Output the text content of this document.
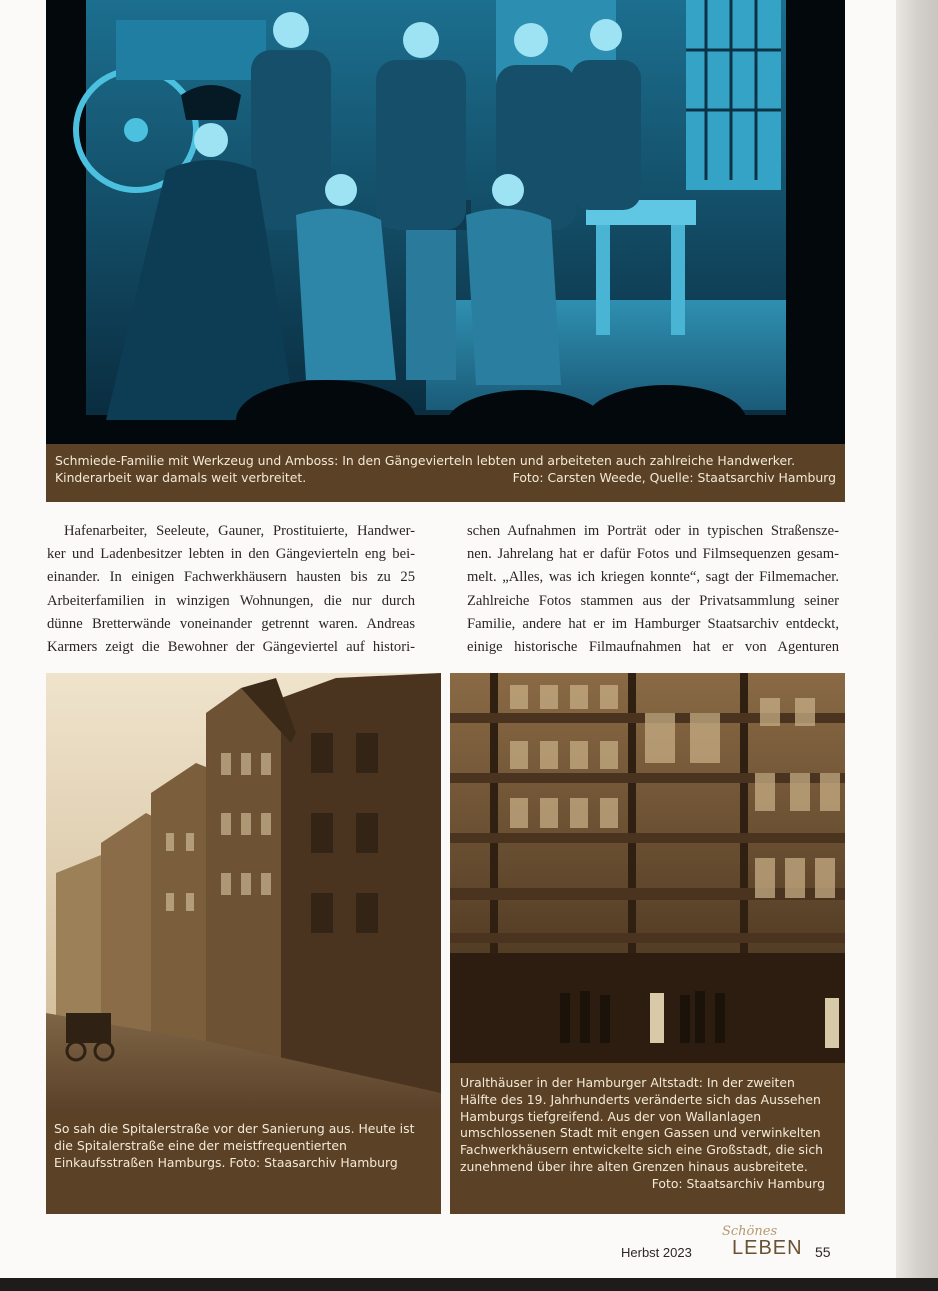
Schmiede-Familie mit Werkzeug und Amboss: In den Gängevierteln lebten und arbeiteten auch zahlreiche Handwerker. Kinderarbeit war damals weit verbreitet.	Foto: Carsten Weede, Quelle: Staatsarchiv Hamburg

Hafenarbeiter, Seeleute, Gauner, Prostituierte, Handwer-

ker und Ladenbesitzer lebten in den Gängevierteln eng bei-

einander. In einigen Fachwerkhäusern hausten bis zu 25

Arbeiterfamilien in winzigen Wohnungen, die nur durch

dünne Bretterwände voneinander getrennt waren. Andreas

Karmers zeigt die Bewohner der Gängeviertel auf histori-

schen Aufnahmen im Porträt oder in typischen Straßensze-

nen. Jahrelang hat er dafür Fotos und Filmsequenzen gesam-

melt. „Alles, was ich kriegen konnte“, sagt der Filmemacher.

Zahlreiche Fotos stammen aus der Privatsammlung seiner

Familie, andere hat er im Hamburger Staatsarchiv entdeckt,

einige historische Filmaufnahmen hat er von Agenturen

So sah die Spitalerstraße vor der Sanierung aus. Heute ist die Spitalerstraße eine der meistfrequentierten Einkaufsstraßen Hamburgs. Foto: Staasarchiv Hamburg

Uralthäuser in der Hamburger Altstadt: In der zweiten Hälfte des 19. Jahrhunderts veränderte sich das Aussehen Hamburgs tiefgreifend. Aus der von Wallanlagen umschlossenen Stadt mit engen Gassen und verwinkelten Fachwerkhäusern entwickelte sich eine Großstadt, die sich zunehmend über ihre alten Grenzen hinaus ausbreitete.
Foto: Staatsarchiv Hamburg

Herbst 2023
Schönes
LEBEN 55
